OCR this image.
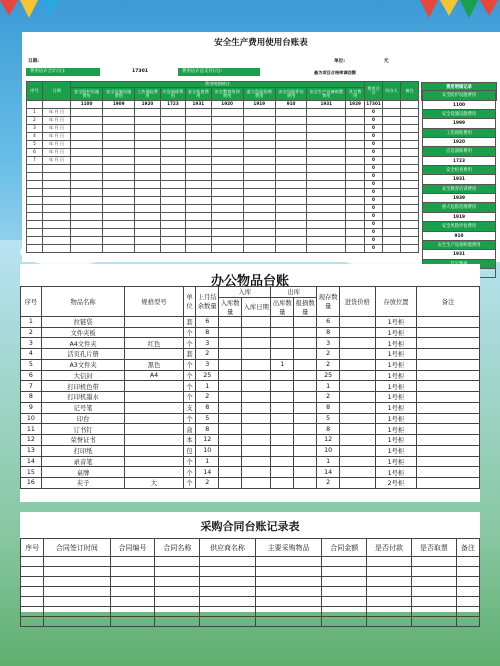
安全生产费用使用台账表
日期:	单位:	元
费用估计合计(元):	17301	费用估计总支付(元):	最为项目合格率调回额
序号	日期	费用明细统计										费用合计	经办人	备注
		安全防护设施费用	安全设施设施费用	工伤保险费用	应急演练费用	安全检查费用	安全教育培训费用	重大危险治理费用	安全风险评估费用	安全生产设备购置费用	其它费用			
		1100	1909	1920	1723	1931	1920	1919	910	1931	1929	17301		
1	年 月 日											0		
2	年 月 日											0		
3	年 月 日											0		
4	年 月 日											0		
5	年 月 日											0		
6	年 月 日											0		
7	年 月 日											0		
												0		
												0		
												0		
												0		
												0		
												0		
												0		
												0		
												0		
												0		
												0		
费用明细记录
安全防护设施费用
1100
安全设施设施费用
1999
工伤保险费用
1920
应急演练费用
1723
安全检查费用
1931
安全教育培训费用
1939
重大危险治理费用
1919
安全风险评估费用
910
安全生产设备购置费用
1931
办公物品台账
序号	物品名称	规格型号	单位	上月结余数量	入库		出库		现存数量	进货价格	存放位置	备注
					入库数量	入库日期	出库数量	报损数量				
1	拉链袋		套	6					6		1号柜	
2	文件夹板		个	8					8		1号柜	
3	A4文件夹	红色	个	3					3		1号柜	
4	活页孔片册		套	2					2		1号柜	
5	A3文件夹	黑色	个	3			1		2		1号柜	
6	大信封	A4	个	25					25		1号柜	
7	打印机色带		个	1					1		1号柜	
8	打印机墨水		个	2					2		1号柜	
9	记号笔		支	8					8		1号柜	
10	印台		个	5					5		1号柜	
11	订书钉		盒	8					8		1号柜	
12	荣誉证书		本	12					12		1号柜	
13	打印纸		包	10					10		1号柜	
14	录音笔		个	1					1		1号柜	
15	桌牌		个	14					14		1号柜	
16	夹子	大	个	2					2		2号柜	
采购合同台账记录表
序号	合同签订时间	合同编号	合同名称	供应商名称	主要采购物品	合同金额	是否付款	是否取票	备注
